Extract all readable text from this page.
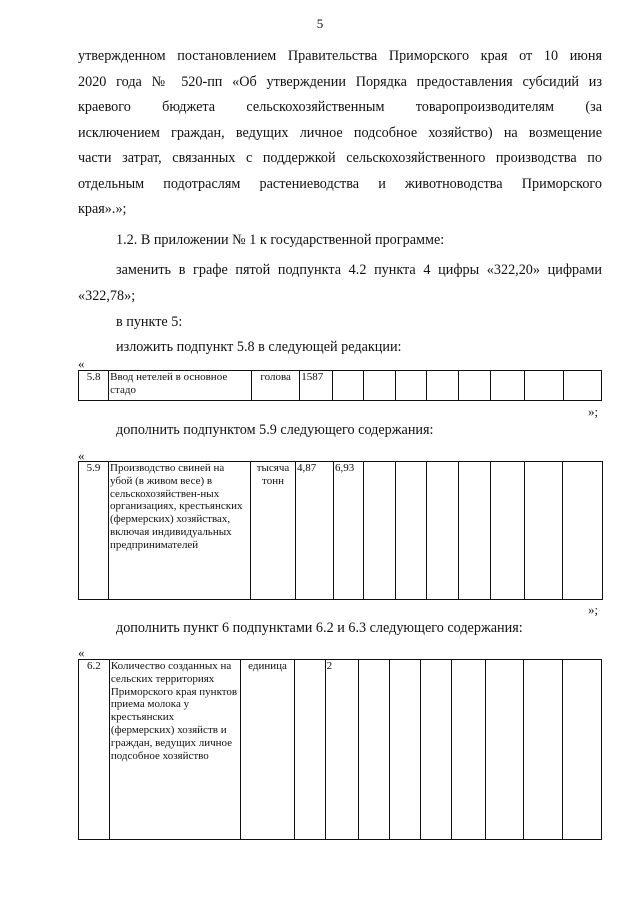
5

утвержденном постановлением Правительства Приморского края от 10 июня

2020 года № 520-пп «Об утверждении Порядка предоставления субсидий из

краевого бюджета сельскохозяйственным товаропроизводителям (за

исключением граждан, ведущих личное подсобное хозяйство) на возмещение

части затрат, связанных с поддержкой сельскохозяйственного производства по

отдельным подотраслям растениеводства и животноводства Приморского

края».»;

1.2. В приложении № 1 к государственной программе:

заменить в графе пятой подпункта 4.2 пункта 4 цифры «322,20» цифрами

«322,78»;

в пункте 5:

изложить подпункт 5.8 в следующей редакции:

«
5.8	Ввод нетелей в основное стадо	голова	1587								
»;

дополнить подпунктом 5.9 следующего содержания:

«
5.9	Производство свиней на убой (в живом весе) в сельскохозяйствен-ных организациях, крестьянских (фермерских) хозяйствах, включая индивидуальных предпринимателей	тысяча тонн	4,87	6,93							
»;

дополнить пункт 6 подпунктами 6.2 и 6.3 следующего содержания:

«
6.2	Количество созданных на сельских территориях Приморского края пунктов приема молока у крестьянских (фермерских) хозяйств и граждан, ведущих личное подсобное хозяйство	единица		2							
